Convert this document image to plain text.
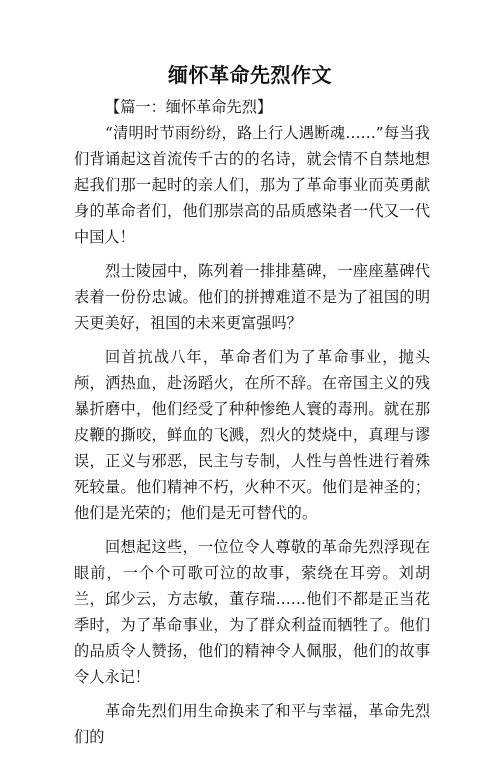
缅怀革命先烈作文

【篇一：缅怀革命先烈】

“清明时节雨纷纷，路上行人遇断魂……”每当我们背诵起这首流传千古的的名诗，就会情不自禁地想起我们那一起时的亲人们，那为了革命事业而英勇献身的革命者们，他们那崇高的品质感染者一代又一代中国人！

烈士陵园中，陈列着一排排墓碑，一座座墓碑代表着一份份忠诚。他们的拼搏难道不是为了祖国的明天更美好，祖国的未来更富强吗？

回首抗战八年，革命者们为了革命事业，抛头颅，洒热血，赴汤蹈火，在所不辞。在帝国主义的残暴折磨中，他们经受了种种惨绝人寰的毒刑。就在那皮鞭的撕咬，鲜血的飞溅，烈火的焚烧中，真理与谬误，正义与邪恶，民主与专制，人性与兽性进行着殊死较量。他们精神不朽，火种不灭。他们是神圣的；他们是光荣的；他们是无可替代的。

回想起这些，一位位令人尊敬的革命先烈浮现在眼前，一个个可歌可泣的故事，萦绕在耳旁。刘胡兰，邱少云，方志敏，董存瑞……他们不都是正当花季时，为了革命事业，为了群众利益而牺牲了。他们的品质令人赞扬，他们的精神令人佩服，他们的故事令人永记！

革命先烈们用生命换来了和平与幸福，革命先烈们的
